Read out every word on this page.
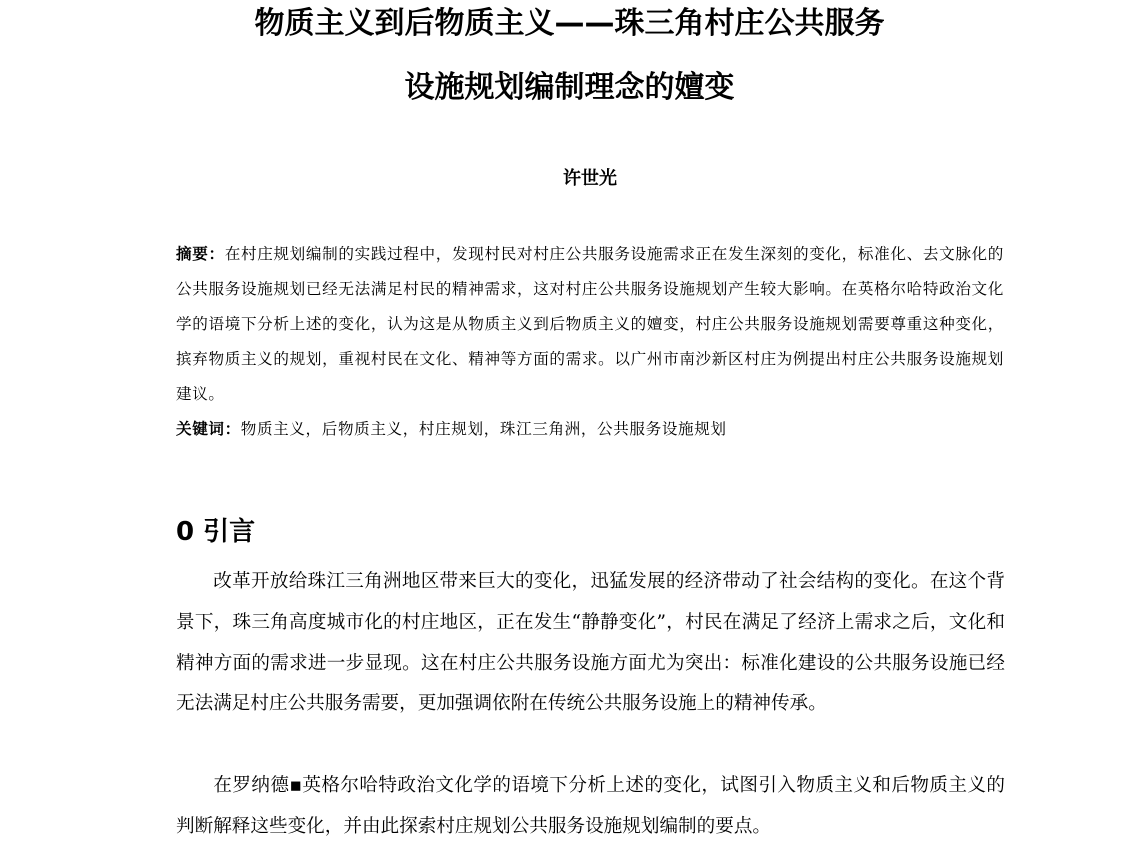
物质主义到后物质主义——珠三角村庄公共服务
设施规划编制理念的嬗变
许世光
摘要：在村庄规划编制的实践过程中，发现村民对村庄公共服务设施需求正在发生深刻的变化，标准化、去文脉化的公共服务设施规划已经无法满足村民的精神需求，这对村庄公共服务设施规划产生较大影响。在英格尔哈特政治文化学的语境下分析上述的变化，认为这是从物质主义到后物质主义的嬗变，村庄公共服务设施规划需要尊重这种变化，摈弃物质主义的规划，重视村民在文化、精神等方面的需求。以广州市南沙新区村庄为例提出村庄公共服务设施规划建议。
关键词：物质主义，后物质主义，村庄规划，珠江三角洲，公共服务设施规划
0 引言
改革开放给珠江三角洲地区带来巨大的变化，迅猛发展的经济带动了社会结构的变化。在这个背景下，珠三角高度城市化的村庄地区，正在发生“静静变化”，村民在满足了经济上需求之后，文化和精神方面的需求进一步显现。这在村庄公共服务设施方面尤为突出：标准化建设的公共服务设施已经无法满足村庄公共服务需要，更加强调依附在传统公共服务设施上的精神传承。
在罗纳德▪英格尔哈特政治文化学的语境下分析上述的变化，试图引入物质主义和后物质主义的判断解释这些变化，并由此探索村庄规划公共服务设施规划编制的要点。
